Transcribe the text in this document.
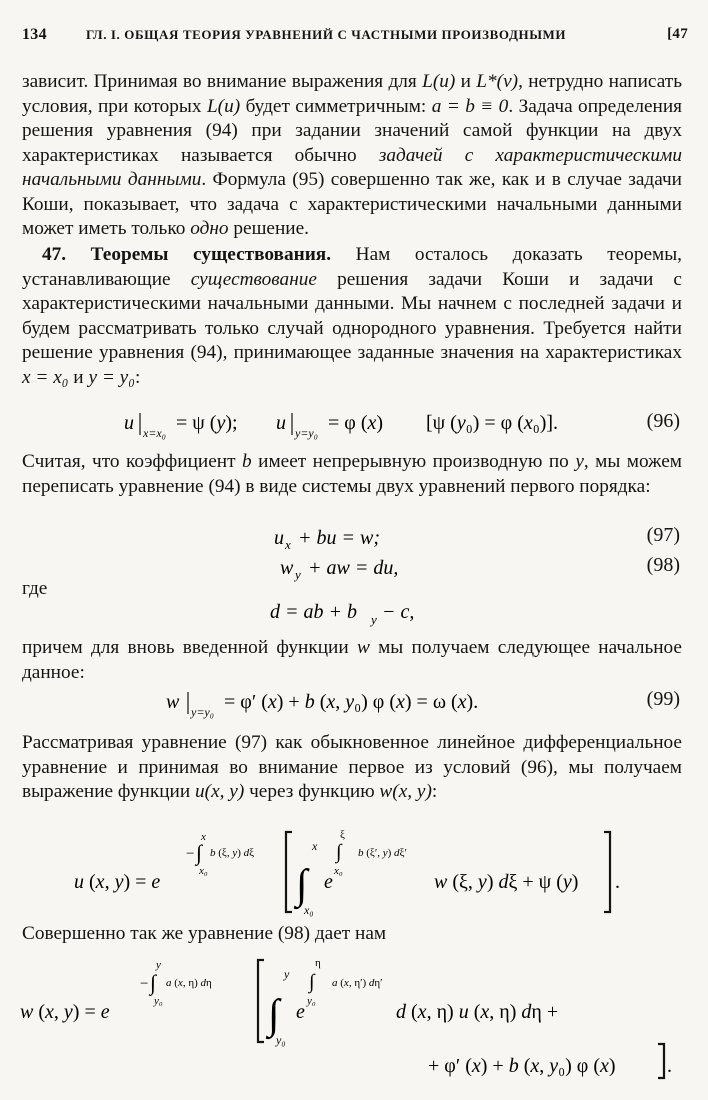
134	ГЛ. I. ОБЩАЯ ТЕОРИЯ УРАВНЕНИЙ С ЧАСТНЫМИ ПРОИЗВОДНЫМИ	[47

зависит. Принимая во внимание выражения для L(u) и L*(v), нетрудно написать условия, при которых L(u) будет симметричным: a = b ≡ 0. Задача определения решения уравнения (94) при задании значений самой функции на двух характеристиках называется обычно задачей с характеристическими начальными данными. Формула (95) совершенно так же, как и в случае задачи Коши, показывает, что задача с характеристическими начальными данными может иметь только одно решение.

47. Теоремы существования. Нам осталось доказать теоремы, устанавливающие существование решения задачи Коши и задачи с характеристическими начальными данными. Мы начнем с последней задачи и будем рассматривать только случай однородного уравнения. Требуется найти решение уравнения (94), принимающее заданные значения на характеристиках x = x₀ и y = y₀:

u x=x₀ = ψ (y); u y=y₀ = φ (x) [ψ (y₀) = φ (x₀)].	(96)

Считая, что коэффициент b имеет непрерывную производную по y, мы можем переписать уравнение (94) в виде системы двух уравнений первого порядка:

u x + bu = w;	(97)
w y + aw = du,	(98)
где
d = ab + b y − c,

причем для вновь введенной функции w мы получаем следующее начальное данное:

w y=y₀ = φ′ (x) + b (x, y₀) φ (x) = ω (x).	(99)

Рассматривая уравнение (97) как обыкновенное линейное дифференциальное уравнение и принимая во внимание первое из условий (96), мы получаем выражение функции u(x, y) через функцию w(x, y):

u (x, y) = e
− ∫
x
x₀
b (ξ, y) dξ
∫
x
x₀
e
∫
ξ
x₀
b (ξ′, y) dξ′
w (ξ, y) dξ + ψ (y) .

Совершенно так же уравнение (98) дает нам

w (x, y) = e
− ∫
y
y₀
a (x, η) dη
∫
y
y₀
e
∫
η
y₀
a (x, η′) dη′
d (x, η) u (x, η) dη +
+ φ′ (x) + b (x, y₀) φ (x)	.
